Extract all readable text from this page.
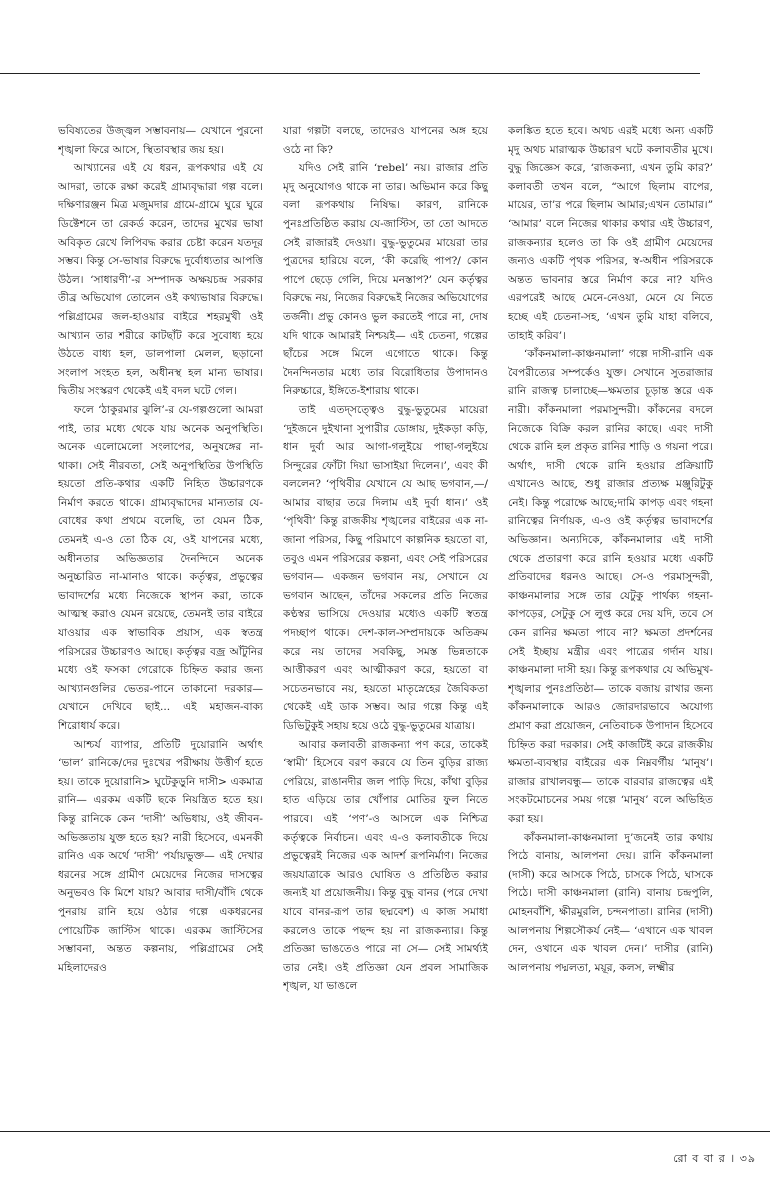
ভবিষ্যতের উজ্জ্বল সম্ভাবনায়— যেখানে পুরনো শৃঙ্খলা ফিরে আসে, স্থিতাবস্থার জয় হয়।

আখ্যানের এই যে ধরন, রূপকথার এই যে আদরা, তাকে রক্ষা করেই গ্রাম্যবৃদ্ধারা গল্প বলে। দক্ষিণারঞ্জন মিত্র মজুমদার গ্রামে-গ্রামে ঘুরে ঘুরে ডিক্টেশনে তা রেকর্ড করেন, তাদের মুখের ভাষা অবিকৃত রেখে লিপিবদ্ধ করার চেষ্টা করেন যতদূর সম্ভব। কিন্তু সে-ভাষার বিরুদ্ধে দুর্বোধ্যতার আপত্তি উঠল। ‘সাধারণী’-র সম্পাদক অক্ষয়চন্দ্র সরকার তীব্র অভিযোগ তোলেন ওই কথ্যভাষার বিরুদ্ধে। পল্লিগ্রামের জল-হাওয়ার বাইরে শহরমুখী ওই আখ্যান তার শরীরে কাটছাঁট করে সুবোধ্য হয়ে উঠতে বাধ্য হল, ডালপালা মেলল, ছড়ানো সংলাপ সংহত হল, অধীনস্থ হল মান্য ভাষার। দ্বিতীয় সংস্করণ থেকেই এই বদল ঘটে গেল।

ফলে ‘ঠাকুরমার ঝুলি’-র যে-গল্পগুলো আমরা পাই, তার মধ্যে থেকে যায় অনেক অনুপস্থিতি। অনেক এলোমেলো সংলাপের, অনুষঙ্গের না-থাকা। সেই নীরবতা, সেই অনুপস্থিতির উপস্থিতি হয়তো প্রতি-কথার একটি নিহিত উচ্চারণকে নির্মাণ করতে থাকে। গ্রাম্যবৃদ্ধাদের মান্যতার যে-বোধের কথা প্রথমে বলেছি, তা যেমন ঠিক, তেমনই এ-ও তো ঠিক যে, ওই যাপনের মধ্যে, অধীনতার অভিজ্ঞতার দৈনন্দিনে অনেক অনুচ্চারিত না-মানাও থাকে। কর্তৃত্বর, প্রভুত্বের ভাবাদর্শের মধ্যে নিজেকে স্থাপন করা, তাকে আত্মস্থ করাও যেমন রয়েছে, তেমনই তার বাইরে যাওয়ার এক স্বাভাবিক প্রয়াস, এক স্বতন্ত্র পরিসরের উচ্চারণও আছে। কর্তৃত্বর বজ্র আঁটুনির মধ্যে ওই ফসকা গেরোকে চিহ্নিত করার জন্য আখ্যানগুলির ভেতর-পানে তাকানো দরকার— যেখানে দেখিবে ছাই... এই মহাজন-বাক্য শিরোধার্য করে।

আশ্চর্য ব্যাপার, প্রতিটি দুয়োরানি অর্থাৎ ‘ভাল’ রানিকে/দের দুঃখের পরীক্ষায় উত্তীর্ণ হতে হয়। তাকে দুয়োরানি> ঘুটেকুড়ুনি দাসী> একমাত্র রানি— এরকম একটি ছকে নিয়ন্ত্রিত হতে হয়। কিন্তু রানিকে কেন ‘দাসী’ অভিধায়, ওই জীবন-অভিজ্ঞতায় যুক্ত হতে হয়? নারী হিসেবে, এমনকী রানিও এক অর্থে ‘দাসী’ পর্যায়ভুক্ত— এই দেখার ধরনের সঙ্গে গ্রামীণ মেয়েদের নিজের দাসত্বের অনুভবও কি মিশে যায়? আবার দাসী/বাঁদি থেকে পুনরায় রানি হয়ে ওঠার গল্পে একধরনের পোয়েটিক জাস্টিস থাকে। এরকম জাস্টিসের সম্ভাবনা, অন্তত কল্পনায়, পল্লিগ্রামের সেই মহিলাদেরও

যারা গল্পটা বলছে, তাদেরও যাপনের অঙ্গ হয়ে ওঠে না কি?

যদিও সেই রানি ‘rebel’ নয়। রাজার প্রতি মৃদু অনুযোগও থাকে না তার। অভিমান করে কিছু বলা রূপকথায় নিষিদ্ধ। কারণ, রানিকে পুনঃপ্রতিষ্ঠিত করায় যে-জাস্টিস, তা তো আদতে সেই রাজারই দেওয়া। বুদ্ধু-ভুতুমের মায়েরা তার পুত্রদের হারিয়ে বলে, ‘কী করেছি পাপ?/ কোন পাপে ছেড়ে গেলি, দিয়ে মনস্তাপ?’ যেন কর্তৃত্বর বিরুদ্ধে নয়, নিজের বিরুদ্ধেই নিজের অভিযোগের তর্জনী। প্রভু কোনও ভুল করতেই পারে না, দোষ যদি থাকে আমারই নিশ্চয়ই— এই চেতনা, গল্পের ছাঁচের সঙ্গে মিলে এগোতে থাকে। কিন্তু দৈনন্দিনতার মধ্যে তার বিরোধিতার উপাদানও নিরুচ্চারে, ইঙ্গিতে-ইশারায় থাকে।

তাই এতদ্সত্ত্বেও বুদ্ধু-ভুতুমের মায়েরা ‘দুইজনে দুইখানা সুপারীর ডোঙ্গায়, দুইকড়া কড়ি, ধান দুর্বা আর আগা-গলুইয়ে পাছা-গলুইয়ে সিন্দুরের ফোঁটা দিয়া ভাসাইয়া দিলেন।’, এবং কী বললেন? ‘পৃথিবীর যেখানে যে আছ ভগবান,—/ আমার বাছার তরে দিলাম এই দুর্বা ধান।’ ওই ‘পৃথিবী’ কিন্তু রাজকীয় শৃঙ্খলের বাইরের এক না-জানা পরিসর, কিছু পরিমাণে কাল্পনিক হয়তো বা, তবুও এমন পরিসরের কল্পনা, এবং সেই পরিসরের ভগবান— একজন ভগবান নয়, সেখানে যে ভগবান আছেন, তাঁদের সকলের প্রতি নিজের কণ্ঠস্বর ভাসিয়ে দেওয়ার মধ্যেও একটি স্বতন্ত্র পদচ্ছাপ থাকে। দেশ-কাল-সম্প্রদায়কে অতিক্রম করে নয় তাদের সবকিছু, সমস্ত ভিন্নতাকে আত্তীকরণ এবং আত্মীকরণ করে, হয়তো বা সচেতনভাবে নয়, হয়তো মাতৃস্নেহের জৈবিকতা থেকেই এই ডাক সম্ভব। আর গল্পে কিন্তু এই ডিভিটুকুই সহায় হয়ে ওঠে বুদ্ধু-ভুতুমের যাত্রায়।

আবার কলাবতী রাজকন্যা পণ করে, তাকেই ‘স্বামী’ হিসেবে বরণ করবে যে তিন বুড়ির রাজ্য পেরিয়ে, রাঙানদীর জল পাড়ি দিয়ে, কাঁথা বুড়ির হাত এড়িয়ে তার খোঁপার মোতির ফুল নিতে পারবে। এই ‘পণ’-ও আসলে এক নিশ্চিত্র কর্তৃত্বকে নির্বাচন। এবং এ-ও কলাবতীকে দিয়ে প্রভুত্বেরই নিজের এক আদর্শ রূপনির্মাণ। নিজের জয়যাত্রাকে আরও ঘোষিত ও প্রতিষ্ঠিত করার জন্যই যা প্রয়োজনীয়। কিন্তু বুদ্ধু বানর (পরে দেখা যাবে বানর-রূপ তার ছদ্মবেশ) এ কাজ সমাধা করলেও তাকে পছন্দ হয় না রাজকন্যার। কিন্তু প্রতিজ্ঞা ভাঙতেও পারে না সে— সেই সামর্থ্যই তার নেই। ওই প্রতিজ্ঞা যেন প্রবল সামাজিক শৃঙ্খল, যা ভাঙলে

কলঙ্কিত হতে হবে। অথচ এরই মধ্যে অন্য একটি মৃদু অথচ মারাত্মক উচ্চারণ ঘটে কলাবতীর মুখে। বুদ্ধু জিজ্ঞেস করে, ‘রাজকন্যা, এখন তুমি কার?’ কলাবতী তখন বলে, “আগে ছিলাম বাপের, মায়ের, তা’র পরে ছিলাম আমার;এখন তোমার।” ‘আমার’ বলে নিজের থাকার কথার এই উচ্চারণ, রাজকন্যার হলেও তা কি ওই গ্রামীণ মেয়েদের জন্যও একটি পৃথক পরিসর, স্ব-অধীন পরিসরকে অন্তত ভাবনার স্তরে নির্মাণ করে না? যদিও এরপরেই আছে মেনে-নেওয়া, মেনে যে নিতে হচ্ছে এই চেতনা-সহ, ‘এখন তুমি যাহা বলিবে, তাহাই করিব’।

‘কাঁকনমালা-কাঞ্চনমালা’ গল্পে দাসী-রানি এক বৈপরীত্যের সম্পর্কেও যুক্ত। সেখানে সুতরাজার রানি রাজত্ব চালাচ্ছে—ক্ষমতার চূড়ান্ত স্তরে এক নারী। কাঁকনমালা পরমাসুন্দরী। কাঁকনের বদলে নিজেকে বিক্রি করল রানির কাছে। এবং দাসী থেকে রানি হল প্রকৃত রানির শাড়ি ও গয়না পরে। অর্থাৎ, দাসী থেকে রানি হওয়ার প্রক্রিয়াটি এখানেও আছে, শুধু রাজার প্রত্যক্ষ মঞ্জুরিটুকু নেই। কিন্তু পরোক্ষে আছে;দামি কাপড় এবং গহনা রানিত্বের নির্ণায়ক, এ-ও ওই কর্তৃত্বর ভাবাদর্শের অভিজ্ঞান। অন্যদিকে, কাঁকনমালার এই দাসী থেকে প্রতারণা করে রানি হওয়ার মধ্যে একটি প্রতিবাদের ধরনও আছে। সে-ও পরমাসুন্দরী, কাঞ্চনমালার সঙ্গে তার যেটুকু পার্থক্য গহনা-কাপড়ের, সেটুকু সে লুপ্ত করে দেয় যদি, তবে সে কেন রানির ক্ষমতা পাবে না? ক্ষমতা প্রদর্শনের সেই ইচ্ছায় মন্ত্রীর এবং পাত্রের গর্দান যায়। কাঞ্চনমালা দাসী হয়। কিন্তু রূপকথার যে অভিমুখ- শৃঙ্খলার পুনঃপ্রতিষ্ঠা— তাকে বজায় রাখার জন্য কাঁকনমালাকে আরও জোরদারভাবে অযোগ্য প্রমাণ করা প্রয়োজন, নেতিবাচক উপাদান হিসেবে চিহ্নিত করা দরকার। সেই কাজটিই করে রাজকীয় ক্ষমতা-ব্যবস্থার বাইরের এক নিম্নবর্গীয় ‘মানুষ’। রাজার রাখালবন্ধু— তাকে বারবার রাজত্বের এই সংকটমোচনের সময় গল্পে ‘মানুষ’ বলে অভিহিত করা হয়।

কাঁকনমালা-কাঞ্চনমালা দু’জনেই তার কথায় পিঠে বানায়, আলপনা দেয়। রানি কাঁকনমালা (দাসী) করে আসকে পিঠে, চাসকে পিঠে, ঘাসকে পিঠে। দাসী কাঞ্চনমালা (রানি) বানায় চন্দ্রপুলি, মোহনবাঁশি, ক্ষীরমুরলি, চন্দনপাতা। রানির (দাসী) আলপনায় শিল্পসৌকর্য নেই— ‘এখানে এক খাবল দেন, ওখানে এক খাবল দেন।’ দাসীর (রানি) আলপনায় পদ্মলতা, ময়ূর, কলস, লক্ষ্মীর

রো ব বা র । ৩৯
